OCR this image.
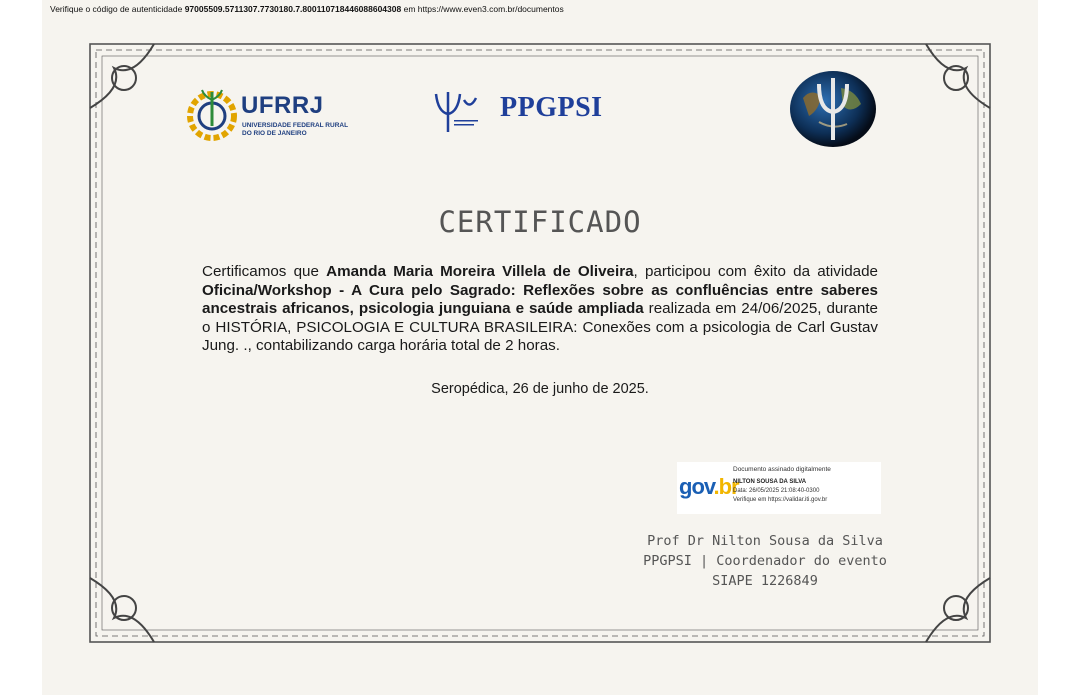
Verifique o código de autenticidade 97005509.5711307.7730180.7.800110718446088604308 em https://www.even3.com.br/documentos
UFRRJ
UNIVERSIDADE FEDERAL RURAL DO RIO DE JANEIRO
PPGPSI
CERTIFICADO
Certificamos que Amanda Maria Moreira Villela de Oliveira, participou com êxito da atividade Oficina/Workshop - A Cura pelo Sagrado: Reflexões sobre as confluências entre saberes ancestrais africanos, psicologia junguiana e saúde ampliada realizada em 24/06/2025, durante o HISTÓRIA, PSICOLOGIA E CULTURA BRASILEIRA: Conexões com a psicologia de Carl Gustav Jung. ., contabilizando carga horária total de 2 horas.
Seropédica, 26 de junho de 2025.
gov.br
Documento assinado digitalmente
NILTON SOUSA DA SILVA
Data: 26/05/2025 21:08:40-0300
Verifique em https://validar.iti.gov.br
Prof Dr Nilton Sousa da Silva
PPGPSI | Coordenador do evento
SIAPE 1226849
